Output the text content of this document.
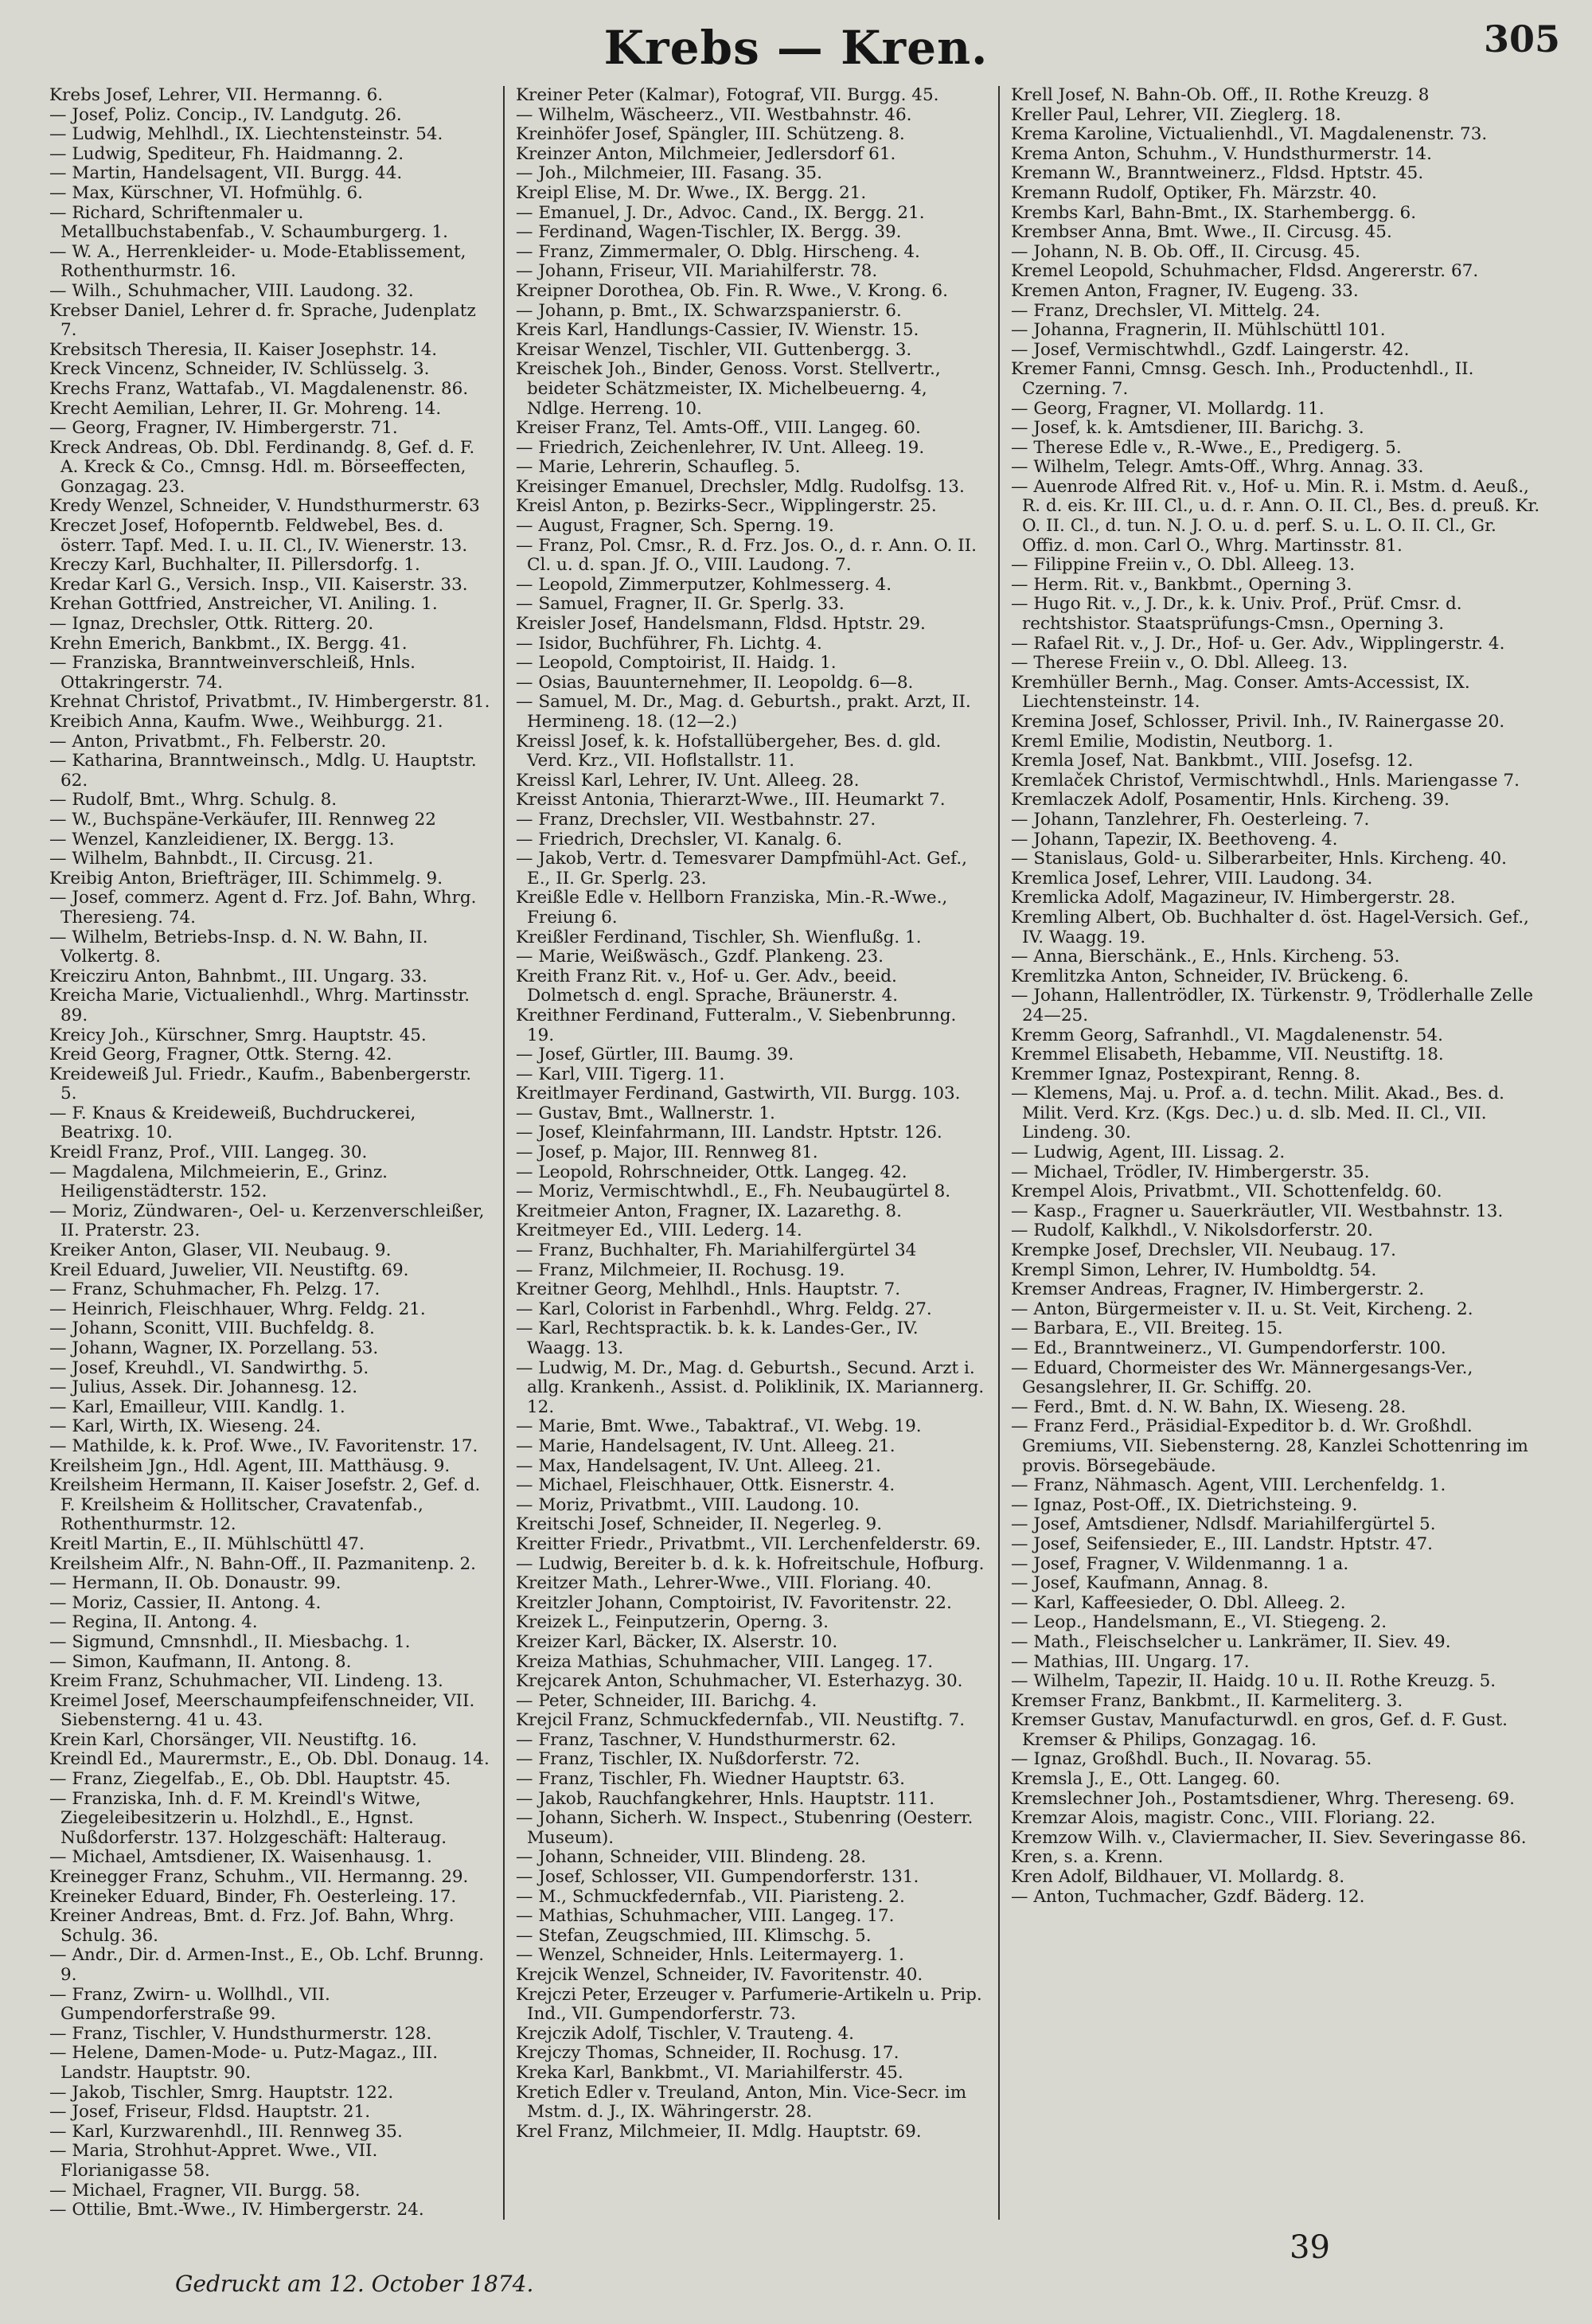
Krebs — Kren.	305

Krebs Josef, Lehrer, VII. Hermanng. 6.

— Josef, Poliz. Concip., IV. Landgutg. 26.

— Ludwig, Mehlhdl., IX. Liechtensteinstr. 54.

— Ludwig, Spediteur, Fh. Haidmanng. 2.

— Martin, Handelsagent, VII. Burgg. 44.

— Max, Kürschner, VI. Hofmühlg. 6.

— Richard, Schriftenmaler u. Metallbuchstabenfab., V. Schaumburgerg. 1.

— W. A., Herrenkleider- u. Mode-Etablissement, Rothenthurmstr. 16.

— Wilh., Schuhmacher, VIII. Laudong. 32.

Krebser Daniel, Lehrer d. fr. Sprache, Judenplatz 7.

Krebsitsch Theresia, II. Kaiser Josephstr. 14.

Kreck Vincenz, Schneider, IV. Schlüsselg. 3.

Krechs Franz, Wattafab., VI. Magdalenenstr. 86.

Krecht Aemilian, Lehrer, II. Gr. Mohreng. 14.

— Georg, Fragner, IV. Himbergerstr. 71.

Kreck Andreas, Ob. Dbl. Ferdinandg. 8, Gef. d. F. A. Kreck & Co., Cmnsg. Hdl. m. Börseeffecten, Gonzagag. 23.

Kredy Wenzel, Schneider, V. Hundsthurmerstr. 63

Kreczet Josef, Hofoperntb. Feldwebel, Bes. d. österr. Tapf. Med. I. u. II. Cl., IV. Wienerstr. 13.

Kreczy Karl, Buchhalter, II. Pillersdorfg. 1.

Kredar Karl G., Versich. Insp., VII. Kaiserstr. 33.

Krehan Gottfried, Anstreicher, VI. Aniling. 1.

— Ignaz, Drechsler, Ottk. Ritterg. 20.

Krehn Emerich, Bankbmt., IX. Bergg. 41.

— Franziska, Branntweinverschleiß, Hnls. Ottakringerstr. 74.

Krehnat Christof, Privatbmt., IV. Himbergerstr. 81.

Kreibich Anna, Kaufm. Wwe., Weihburgg. 21.

— Anton, Privatbmt., Fh. Felberstr. 20.

— Katharina, Branntweinsch., Mdlg. U. Hauptstr. 62.

— Rudolf, Bmt., Whrg. Schulg. 8.

— W., Buchspäne-Verkäufer, III. Rennweg 22

— Wenzel, Kanzleidiener, IX. Bergg. 13.

— Wilhelm, Bahnbdt., II. Circusg. 21.

Kreibig Anton, Briefträger, III. Schimmelg. 9.

— Josef, commerz. Agent d. Frz. Jof. Bahn, Whrg. Theresieng. 74.

— Wilhelm, Betriebs-Insp. d. N. W. Bahn, II. Volkertg. 8.

Kreicziru Anton, Bahnbmt., III. Ungarg. 33.

Kreicha Marie, Victualienhdl., Whrg. Martinsstr. 89.

Kreicy Joh., Kürschner, Smrg. Hauptstr. 45.

Kreid Georg, Fragner, Ottk. Sterng. 42.

Kreideweiß Jul. Friedr., Kaufm., Babenbergerstr. 5.

— F. Knaus & Kreideweiß, Buchdruckerei, Beatrixg. 10.

Kreidl Franz, Prof., VIII. Langeg. 30.

— Magdalena, Milchmeierin, E., Grinz. Heiligenstädterstr. 152.

— Moriz, Zündwaren-, Oel- u. Kerzenverschleißer, II. Praterstr. 23.

Kreiker Anton, Glaser, VII. Neubaug. 9.

Kreil Eduard, Juwelier, VII. Neustiftg. 69.

— Franz, Schuhmacher, Fh. Pelzg. 17.

— Heinrich, Fleischhauer, Whrg. Feldg. 21.

— Johann, Sconitt, VIII. Buchfeldg. 8.

— Johann, Wagner, IX. Porzellang. 53.

— Josef, Kreuhdl., VI. Sandwirthg. 5.

— Julius, Assek. Dir. Johannesg. 12.

— Karl, Emailleur, VIII. Kandlg. 1.

— Karl, Wirth, IX. Wieseng. 24.

— Mathilde, k. k. Prof. Wwe., IV. Favoritenstr. 17.

Kreilsheim Jgn., Hdl. Agent, III. Matthäusg. 9.

Kreilsheim Hermann, II. Kaiser Josefstr. 2, Gef. d. F. Kreilsheim & Hollitscher, Cravatenfab., Rothenthurmstr. 12.

Kreitl Martin, E., II. Mühlschüttl 47.

Kreilsheim Alfr., N. Bahn-Off., II. Pazmanitenp. 2.

— Hermann, II. Ob. Donaustr. 99.

— Moriz, Cassier, II. Antong. 4.

— Regina, II. Antong. 4.

— Sigmund, Cmnsnhdl., II. Miesbachg. 1.

— Simon, Kaufmann, II. Antong. 8.

Kreim Franz, Schuhmacher, VII. Lindeng. 13.

Kreimel Josef, Meerschaumpfeifenschneider, VII. Siebensterng. 41 u. 43.

Krein Karl, Chorsänger, VII. Neustiftg. 16.

Kreindl Ed., Maurermstr., E., Ob. Dbl. Donaug. 14.

— Franz, Ziegelfab., E., Ob. Dbl. Hauptstr. 45.

— Franziska, Inh. d. F. M. Kreindl's Witwe, Ziegeleibesitzerin u. Holzhdl., E., Hgnst. Nußdorferstr. 137. Holzgeschäft: Halteraug.

— Michael, Amtsdiener, IX. Waisenhausg. 1.

Kreinegger Franz, Schuhm., VII. Hermanng. 29.

Kreineker Eduard, Binder, Fh. Oesterleing. 17.

Kreiner Andreas, Bmt. d. Frz. Jof. Bahn, Whrg. Schulg. 36.

— Andr., Dir. d. Armen-Inst., E., Ob. Lchf. Brunng. 9.

— Franz, Zwirn- u. Wollhdl., VII. Gumpendorferstraße 99.

— Franz, Tischler, V. Hundsthurmerstr. 128.

— Helene, Damen-Mode- u. Putz-Magaz., III. Landstr. Hauptstr. 90.

— Jakob, Tischler, Smrg. Hauptstr. 122.

— Josef, Friseur, Fldsd. Hauptstr. 21.

— Karl, Kurzwarenhdl., III. Rennweg 35.

— Maria, Strohhut-Appret. Wwe., VII. Florianigasse 58.

— Michael, Fragner, VII. Burgg. 58.

— Ottilie, Bmt.-Wwe., IV. Himbergerstr. 24.

Kreiner Peter (Kalmar), Fotograf, VII. Burgg. 45.

— Wilhelm, Wäscheerz., VII. Westbahnstr. 46.

Kreinhöfer Josef, Spängler, III. Schützeng. 8.

Kreinzer Anton, Milchmeier, Jedlersdorf 61.

— Joh., Milchmeier, III. Fasang. 35.

Kreipl Elise, M. Dr. Wwe., IX. Bergg. 21.

— Emanuel, J. Dr., Advoc. Cand., IX. Bergg. 21.

— Ferdinand, Wagen-Tischler, IX. Bergg. 39.

— Franz, Zimmermaler, O. Dblg. Hirscheng. 4.

— Johann, Friseur, VII. Mariahilferstr. 78.

Kreipner Dorothea, Ob. Fin. R. Wwe., V. Krong. 6.

— Johann, p. Bmt., IX. Schwarzspanierstr. 6.

Kreis Karl, Handlungs-Cassier, IV. Wienstr. 15.

Kreisar Wenzel, Tischler, VII. Guttenbergg. 3.

Kreischek Joh., Binder, Genoss. Vorst. Stellvertr., beideter Schätzmeister, IX. Michelbeuerng. 4, Ndlge. Herreng. 10.

Kreiser Franz, Tel. Amts-Off., VIII. Langeg. 60.

— Friedrich, Zeichenlehrer, IV. Unt. Alleeg. 19.

— Marie, Lehrerin, Schaufleg. 5.

Kreisinger Emanuel, Drechsler, Mdlg. Rudolfsg. 13.

Kreisl Anton, p. Bezirks-Secr., Wipplingerstr. 25.

— August, Fragner, Sch. Sperng. 19.

— Franz, Pol. Cmsr., R. d. Frz. Jos. O., d. r. Ann. O. II. Cl. u. d. span. Jf. O., VIII. Laudong. 7.

— Leopold, Zimmerputzer, Kohlmesserg. 4.

— Samuel, Fragner, II. Gr. Sperlg. 33.

Kreisler Josef, Handelsmann, Fldsd. Hptstr. 29.

— Isidor, Buchführer, Fh. Lichtg. 4.

— Leopold, Comptoirist, II. Haidg. 1.

— Osias, Bauunternehmer, II. Leopoldg. 6—8.

— Samuel, M. Dr., Mag. d. Geburtsh., prakt. Arzt, II. Hermineng. 18. (12—2.)

Kreissl Josef, k. k. Hofstallübergeher, Bes. d. gld. Verd. Krz., VII. Hoflstallstr. 11.

Kreissl Karl, Lehrer, IV. Unt. Alleeg. 28.

Kreisst Antonia, Thierarzt-Wwe., III. Heumarkt 7.

— Franz, Drechsler, VII. Westbahnstr. 27.

— Friedrich, Drechsler, VI. Kanalg. 6.

— Jakob, Vertr. d. Temesvarer Dampfmühl-Act. Gef., E., II. Gr. Sperlg. 23.

Kreißle Edle v. Hellborn Franziska, Min.-R.-Wwe., Freiung 6.

Kreißler Ferdinand, Tischler, Sh. Wienflußg. 1.

— Marie, Weißwäsch., Gzdf. Plankeng. 23.

Kreith Franz Rit. v., Hof- u. Ger. Adv., beeid. Dolmetsch d. engl. Sprache, Bräunerstr. 4.

Kreithner Ferdinand, Futteralm., V. Siebenbrunng. 19.

— Josef, Gürtler, III. Baumg. 39.

— Karl, VIII. Tigerg. 11.

Kreitlmayer Ferdinand, Gastwirth, VII. Burgg. 103.

— Gustav, Bmt., Wallnerstr. 1.

— Josef, Kleinfahrmann, III. Landstr. Hptstr. 126.

— Josef, p. Major, III. Rennweg 81.

— Leopold, Rohrschneider, Ottk. Langeg. 42.

— Moriz, Vermischtwhdl., E., Fh. Neubaugürtel 8.

Kreitmeier Anton, Fragner, IX. Lazarethg. 8.

Kreitmeyer Ed., VIII. Lederg. 14.

— Franz, Buchhalter, Fh. Mariahilfergürtel 34

— Franz, Milchmeier, II. Rochusg. 19.

Kreitner Georg, Mehlhdl., Hnls. Hauptstr. 7.

— Karl, Colorist in Farbenhdl., Whrg. Feldg. 27.

— Karl, Rechtspractik. b. k. k. Landes-Ger., IV. Waagg. 13.

— Ludwig, M. Dr., Mag. d. Geburtsh., Secund. Arzt i. allg. Krankenh., Assist. d. Poliklinik, IX. Mariannerg. 12.

— Marie, Bmt. Wwe., Tabaktraf., VI. Webg. 19.

— Marie, Handelsagent, IV. Unt. Alleeg. 21.

— Max, Handelsagent, IV. Unt. Alleeg. 21.

— Michael, Fleischhauer, Ottk. Eisnerstr. 4.

— Moriz, Privatbmt., VIII. Laudong. 10.

Kreitschi Josef, Schneider, II. Negerleg. 9.

Kreitter Friedr., Privatbmt., VII. Lerchenfelderstr. 69.

— Ludwig, Bereiter b. d. k. k. Hofreitschule, Hofburg.

Kreitzer Math., Lehrer-Wwe., VIII. Floriang. 40.

Kreitzler Johann, Comptoirist, IV. Favoritenstr. 22.

Kreizek L., Feinputzerin, Operng. 3.

Kreizer Karl, Bäcker, IX. Alserstr. 10.

Kreiza Mathias, Schuhmacher, VIII. Langeg. 17.

Krejcarek Anton, Schuhmacher, VI. Esterhazyg. 30.

— Peter, Schneider, III. Barichg. 4.

Krejcil Franz, Schmuckfedernfab., VII. Neustiftg. 7.

— Franz, Taschner, V. Hundsthurmerstr. 62.

— Franz, Tischler, IX. Nußdorferstr. 72.

— Franz, Tischler, Fh. Wiedner Hauptstr. 63.

— Jakob, Rauchfangkehrer, Hnls. Hauptstr. 111.

— Johann, Sicherh. W. Inspect., Stubenring (Oesterr. Museum).

— Johann, Schneider, VIII. Blindeng. 28.

— Josef, Schlosser, VII. Gumpendorferstr. 131.

— M., Schmuckfedernfab., VII. Piaristeng. 2.

— Mathias, Schuhmacher, VIII. Langeg. 17.

— Stefan, Zeugschmied, III. Klimschg. 5.

— Wenzel, Schneider, Hnls. Leitermayerg. 1.

Krejcik Wenzel, Schneider, IV. Favoritenstr. 40.

Krejczi Peter, Erzeuger v. Parfumerie-Artikeln u. Prip. Ind., VII. Gumpendorferstr. 73.

Krejczik Adolf, Tischler, V. Trauteng. 4.

Krejczy Thomas, Schneider, II. Rochusg. 17.

Kreka Karl, Bankbmt., VI. Mariahilferstr. 45.

Kretich Edler v. Treuland, Anton, Min. Vice-Secr. im Mstm. d. J., IX. Währingerstr. 28.

Krel Franz, Milchmeier, II. Mdlg. Hauptstr. 69.

Krell Josef, N. Bahn-Ob. Off., II. Rothe Kreuzg. 8

Kreller Paul, Lehrer, VII. Zieglerg. 18.

Krema Karoline, Victualienhdl., VI. Magdalenenstr. 73.

Krema Anton, Schuhm., V. Hundsthurmerstr. 14.

Kremann W., Branntweinerz., Fldsd. Hptstr. 45.

Kremann Rudolf, Optiker, Fh. Märzstr. 40.

Krembs Karl, Bahn-Bmt., IX. Starhembergg. 6.

Krembser Anna, Bmt. Wwe., II. Circusg. 45.

— Johann, N. B. Ob. Off., II. Circusg. 45.

Kremel Leopold, Schuhmacher, Fldsd. Angererstr. 67.

Kremen Anton, Fragner, IV. Eugeng. 33.

— Franz, Drechsler, VI. Mittelg. 24.

— Johanna, Fragnerin, II. Mühlschüttl 101.

— Josef, Vermischtwhdl., Gzdf. Laingerstr. 42.

Kremer Fanni, Cmnsg. Gesch. Inh., Productenhdl., II. Czerning. 7.

— Georg, Fragner, VI. Mollardg. 11.

— Josef, k. k. Amtsdiener, III. Barichg. 3.

— Therese Edle v., R.-Wwe., E., Predigerg. 5.

— Wilhelm, Telegr. Amts-Off., Whrg. Annag. 33.

— Auenrode Alfred Rit. v., Hof- u. Min. R. i. Mstm. d. Aeuß., R. d. eis. Kr. III. Cl., u. d. r. Ann. O. II. Cl., Bes. d. preuß. Kr. O. II. Cl., d. tun. N. J. O. u. d. perf. S. u. L. O. II. Cl., Gr. Offiz. d. mon. Carl O., Whrg. Martinsstr. 81.

— Filippine Freiin v., O. Dbl. Alleeg. 13.

— Herm. Rit. v., Bankbmt., Operning 3.

— Hugo Rit. v., J. Dr., k. k. Univ. Prof., Prüf. Cmsr. d. rechtshistor. Staatsprüfungs-Cmsn., Operning 3.

— Rafael Rit. v., J. Dr., Hof- u. Ger. Adv., Wipplingerstr. 4.

— Therese Freiin v., O. Dbl. Alleeg. 13.

Kremhüller Bernh., Mag. Conser. Amts-Accessist, IX. Liechtensteinstr. 14.

Kremina Josef, Schlosser, Privil. Inh., IV. Rainergasse 20.

Kreml Emilie, Modistin, Neutborg. 1.

Kremla Josef, Nat. Bankbmt., VIII. Josefsg. 12.

Kremlaček Christof, Vermischtwhdl., Hnls. Mariengasse 7.

Kremlaczek Adolf, Posamentir, Hnls. Kircheng. 39.

— Johann, Tanzlehrer, Fh. Oesterleing. 7.

— Johann, Tapezir, IX. Beethoveng. 4.

— Stanislaus, Gold- u. Silberarbeiter, Hnls. Kircheng. 40.

Kremlica Josef, Lehrer, VIII. Laudong. 34.

Kremlicka Adolf, Magazineur, IV. Himbergerstr. 28.

Kremling Albert, Ob. Buchhalter d. öst. Hagel-Versich. Gef., IV. Waagg. 19.

— Anna, Bierschänk., E., Hnls. Kircheng. 53.

Kremlitzka Anton, Schneider, IV. Brückeng. 6.

— Johann, Hallentrödler, IX. Türkenstr. 9, Trödlerhalle Zelle 24—25.

Kremm Georg, Safranhdl., VI. Magdalenenstr. 54.

Kremmel Elisabeth, Hebamme, VII. Neustiftg. 18.

Kremmer Ignaz, Postexpirant, Renng. 8.

— Klemens, Maj. u. Prof. a. d. techn. Milit. Akad., Bes. d. Milit. Verd. Krz. (Kgs. Dec.) u. d. slb. Med. II. Cl., VII. Lindeng. 30.

— Ludwig, Agent, III. Lissag. 2.

— Michael, Trödler, IV. Himbergerstr. 35.

Krempel Alois, Privatbmt., VII. Schottenfeldg. 60.

— Kasp., Fragner u. Sauerkräutler, VII. Westbahnstr. 13.

— Rudolf, Kalkhdl., V. Nikolsdorferstr. 20.

Krempke Josef, Drechsler, VII. Neubaug. 17.

Krempl Simon, Lehrer, IV. Humboldtg. 54.

Kremser Andreas, Fragner, IV. Himbergerstr. 2.

— Anton, Bürgermeister v. II. u. St. Veit, Kircheng. 2.

— Barbara, E., VII. Breiteg. 15.

— Ed., Branntweinerz., VI. Gumpendorferstr. 100.

— Eduard, Chormeister des Wr. Männergesangs-Ver., Gesangslehrer, II. Gr. Schiffg. 20.

— Ferd., Bmt. d. N. W. Bahn, IX. Wieseng. 28.

— Franz Ferd., Präsidial-Expeditor b. d. Wr. Großhdl. Gremiums, VII. Siebensterng. 28, Kanzlei Schottenring im provis. Börsegebäude.

— Franz, Nähmasch. Agent, VIII. Lerchenfeldg. 1.

— Ignaz, Post-Off., IX. Dietrichsteing. 9.

— Josef, Amtsdiener, Ndlsdf. Mariahilfergürtel 5.

— Josef, Seifensieder, E., III. Landstr. Hptstr. 47.

— Josef, Fragner, V. Wildenmanng. 1 a.

— Josef, Kaufmann, Annag. 8.

— Karl, Kaffeesieder, O. Dbl. Alleeg. 2.

— Leop., Handelsmann, E., VI. Stiegeng. 2.

— Math., Fleischselcher u. Lankrämer, II. Siev. 49.

— Mathias, III. Ungarg. 17.

— Wilhelm, Tapezir, II. Haidg. 10 u. II. Rothe Kreuzg. 5.

Kremser Franz, Bankbmt., II. Karmeliterg. 3.

Kremser Gustav, Manufacturwdl. en gros, Gef. d. F. Gust. Kremser & Philips, Gonzagag. 16.

— Ignaz, Großhdl. Buch., II. Novarag. 55.

Kremsla J., E., Ott. Langeg. 60.

Kremslechner Joh., Postamtsdiener, Whrg. Thereseng. 69.

Kremzar Alois, magistr. Conc., VIII. Floriang. 22.

Kremzow Wilh. v., Claviermacher, II. Siev. Severingasse 86.

Kren, s. a. Krenn.

Kren Adolf, Bildhauer, VI. Mollardg. 8.

— Anton, Tuchmacher, Gzdf. Bäderg. 12.

Gedruckt am 12. October 1874.
39
